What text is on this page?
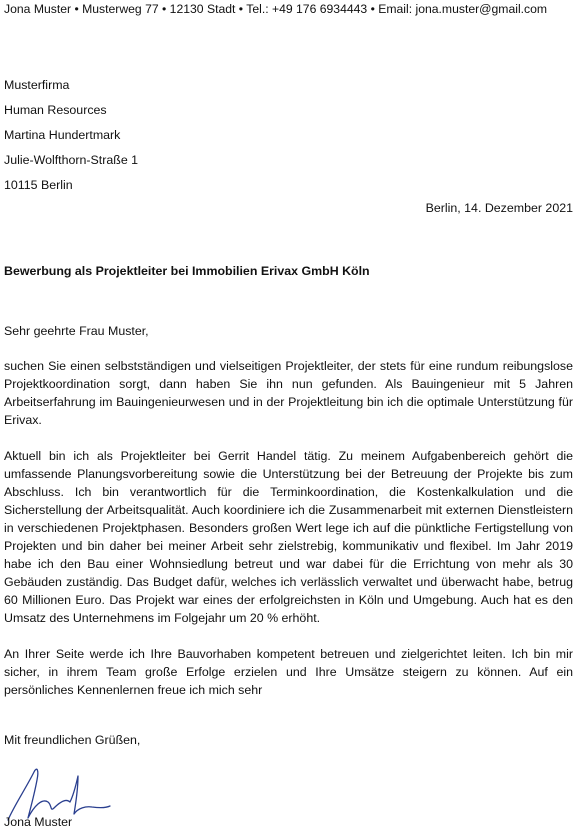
Jona Muster • Musterweg 77 • 12130 Stadt • Tel.: +49 176 6934443 • Email: jona.muster@gmail.com
Musterfirma
Human Resources
Martina Hundertmark
Julie-Wolfthorn-Straße 1
10115 Berlin
Berlin, 14. Dezember 2021
Bewerbung als Projektleiter bei Immobilien Erivax GmbH Köln
Sehr geehrte Frau Muster,

suchen Sie einen selbstständigen und vielseitigen Projektleiter, der stets für eine rundum reibungslose Projektkoordination sorgt, dann haben Sie ihn nun gefunden. Als Bauingenieur mit 5 Jahren Arbeitserfahrung im Bauingenieurwesen und in der Projektleitung bin ich die optimale Unterstützung für Erivax.

Aktuell bin ich als Projektleiter bei Gerrit Handel tätig. Zu meinem Aufgabenbereich gehört die umfassende Planungsvorbereitung sowie die Unterstützung bei der Betreuung der Projekte bis zum Abschluss. Ich bin verantwortlich für die Terminkoordination, die Kostenkalkulation und die Sicherstellung der Arbeitsqualität. Auch koordiniere ich die Zusammenarbeit mit externen Dienstleistern in verschiedenen Projektphasen. Besonders großen Wert lege ich auf die pünktliche Fertigstellung von Projekten und bin daher bei meiner Arbeit sehr zielstrebig, kommunikativ und flexibel. Im Jahr 2019 habe ich den Bau einer Wohnsiedlung betreut und war dabei für die Errichtung von mehr als 30 Gebäuden zuständig. Das Budget dafür, welches ich verlässlich verwaltet und überwacht habe, betrug 60 Millionen Euro. Das Projekt war eines der erfolgreichsten in Köln und Umgebung. Auch hat es den Umsatz des Unternehmens im Folgejahr um 20 % erhöht.

An Ihrer Seite werde ich Ihre Bauvorhaben kompetent betreuen und zielgerichtet leiten. Ich bin mir sicher, in ihrem Team große Erfolge erzielen und Ihre Umsätze steigern zu können. Auf ein persönliches Kennenlernen freue ich mich sehr

Mit freundlichen Grüßen,
Jona Muster
